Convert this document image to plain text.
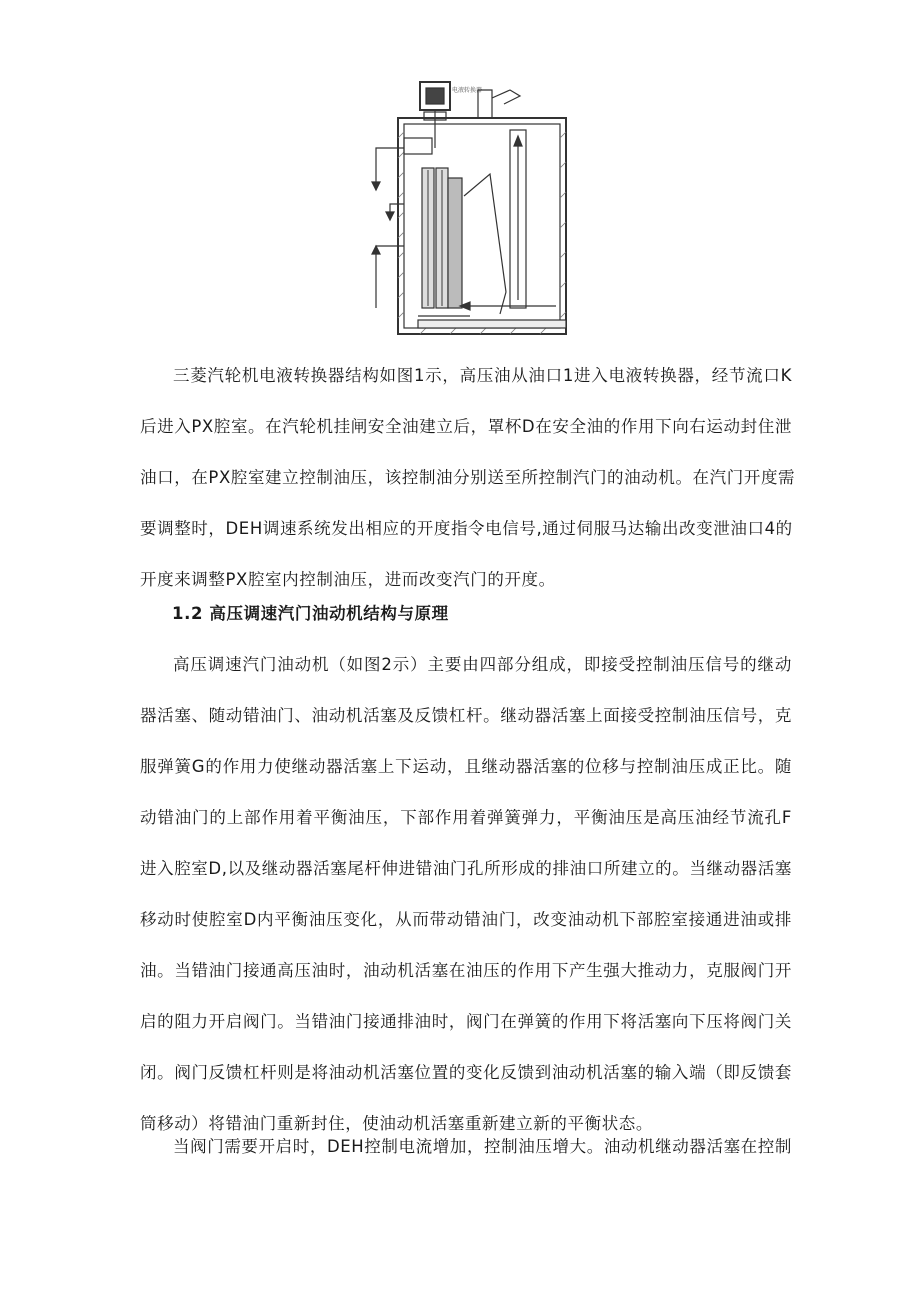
电液转换器
三菱汽轮机电液转换器结构如图1示，高压油从油口1进入电液转换器，经节流口K
后进入PX腔室。在汽轮机挂闸安全油建立后，罩杯D在安全油的作用下向右运动封住泄
油口，在PX腔室建立控制油压，该控制油分别送至所控制汽门的油动机。在汽门开度需
要调整时，DEH调速系统发出相应的开度指令电信号,通过伺服马达输出改变泄油口4的
开度来调整PX腔室内控制油压，进而改变汽门的开度。
1.2 高压调速汽门油动机结构与原理
高压调速汽门油动机（如图2示）主要由四部分组成，即接受控制油压信号的继动
器活塞、随动错油门、油动机活塞及反馈杠杆。继动器活塞上面接受控制油压信号，克
服弹簧G的作用力使继动器活塞上下运动，且继动器活塞的位移与控制油压成正比。随
动错油门的上部作用着平衡油压，下部作用着弹簧弹力，平衡油压是高压油经节流孔F
进入腔室D,以及继动器活塞尾杆伸进错油门孔所形成的排油口所建立的。当继动器活塞
移动时使腔室D内平衡油压变化，从而带动错油门，改变油动机下部腔室接通进油或排
油。当错油门接通高压油时，油动机活塞在油压的作用下产生强大推动力，克服阀门开
启的阻力开启阀门。当错油门接通排油时，阀门在弹簧的作用下将活塞向下压将阀门关
闭。阀门反馈杠杆则是将油动机活塞位置的变化反馈到油动机活塞的输入端（即反馈套
筒移动）将错油门重新封住，使油动机活塞重新建立新的平衡状态。
当阀门需要开启时，DEH控制电流增加，控制油压增大。油动机继动器活塞在控制
